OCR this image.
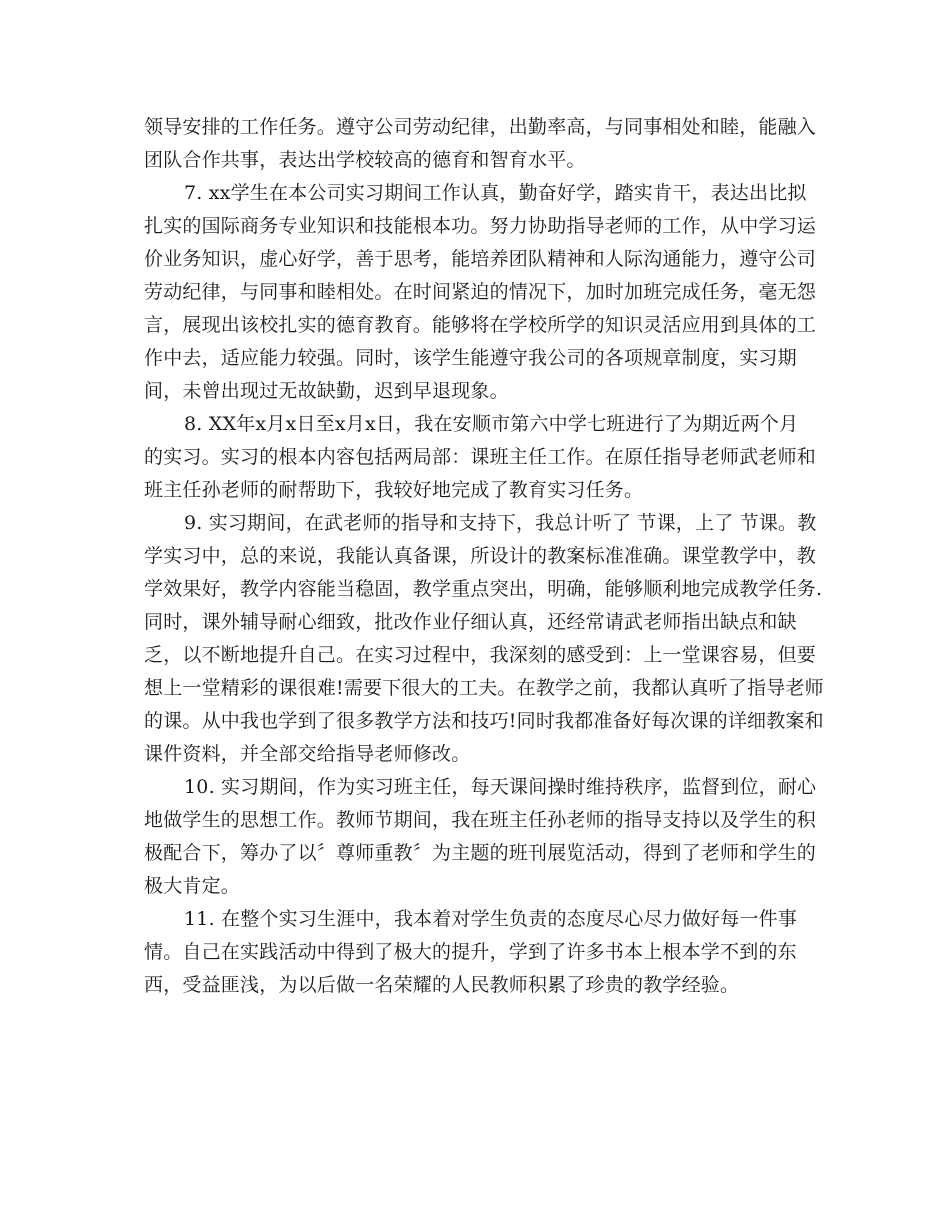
领导安排的工作任务。遵守公司劳动纪律，出勤率高，与同事相处和睦，能融入
团队合作共事，表达出学校较高的德育和智育水平。
7. xx学生在本公司实习期间工作认真，勤奋好学，踏实肯干，表达出比拟
扎实的国际商务专业知识和技能根本功。努力协助指导老师的工作，从中学习运
价业务知识，虚心好学，善于思考，能培养团队精神和人际沟通能力，遵守公司
劳动纪律，与同事和睦相处。在时间紧迫的情况下，加时加班完成任务，毫无怨
言，展现出该校扎实的德育教育。能够将在学校所学的知识灵活应用到具体的工
作中去，适应能力较强。同时，该学生能遵守我公司的各项规章制度，实习期
间，未曾出现过无故缺勤，迟到早退现象。
8. XX年x月x日至x月x日，我在安顺市第六中学七班进行了为期近两个月
的实习。实习的根本内容包括两局部：课班主任工作。在原任指导老师武老师和
班主任孙老师的耐帮助下，我较好地完成了教育实习任务。
9. 实习期间，在武老师的指导和支持下，我总计听了 节课，上了 节课。教
学实习中，总的来说，我能认真备课，所设计的教案标准准确。课堂教学中，教
学效果好，教学内容能当稳固，教学重点突出，明确，能够顺利地完成教学任务.
同时，课外辅导耐心细致，批改作业仔细认真，还经常请武老师指出缺点和缺
乏，以不断地提升自己。在实习过程中，我深刻的感受到：上一堂课容易，但要
想上一堂精彩的课很难!需要下很大的工夫。在教学之前，我都认真听了指导老师
的课。从中我也学到了很多教学方法和技巧!同时我都准备好每次课的详细教案和
课件资料，并全部交给指导老师修改。
10. 实习期间，作为实习班主任，每天课间操时维持秩序，监督到位，耐心
地做学生的思想工作。教师节期间，我在班主任孙老师的指导支持以及学生的积
极配合下，筹办了以〞尊师重教〞为主题的班刊展览活动，得到了老师和学生的
极大肯定。
11. 在整个实习生涯中，我本着对学生负责的态度尽心尽力做好每一件事
情。自己在实践活动中得到了极大的提升，学到了许多书本上根本学不到的东
西，受益匪浅，为以后做一名荣耀的人民教师积累了珍贵的教学经验。
